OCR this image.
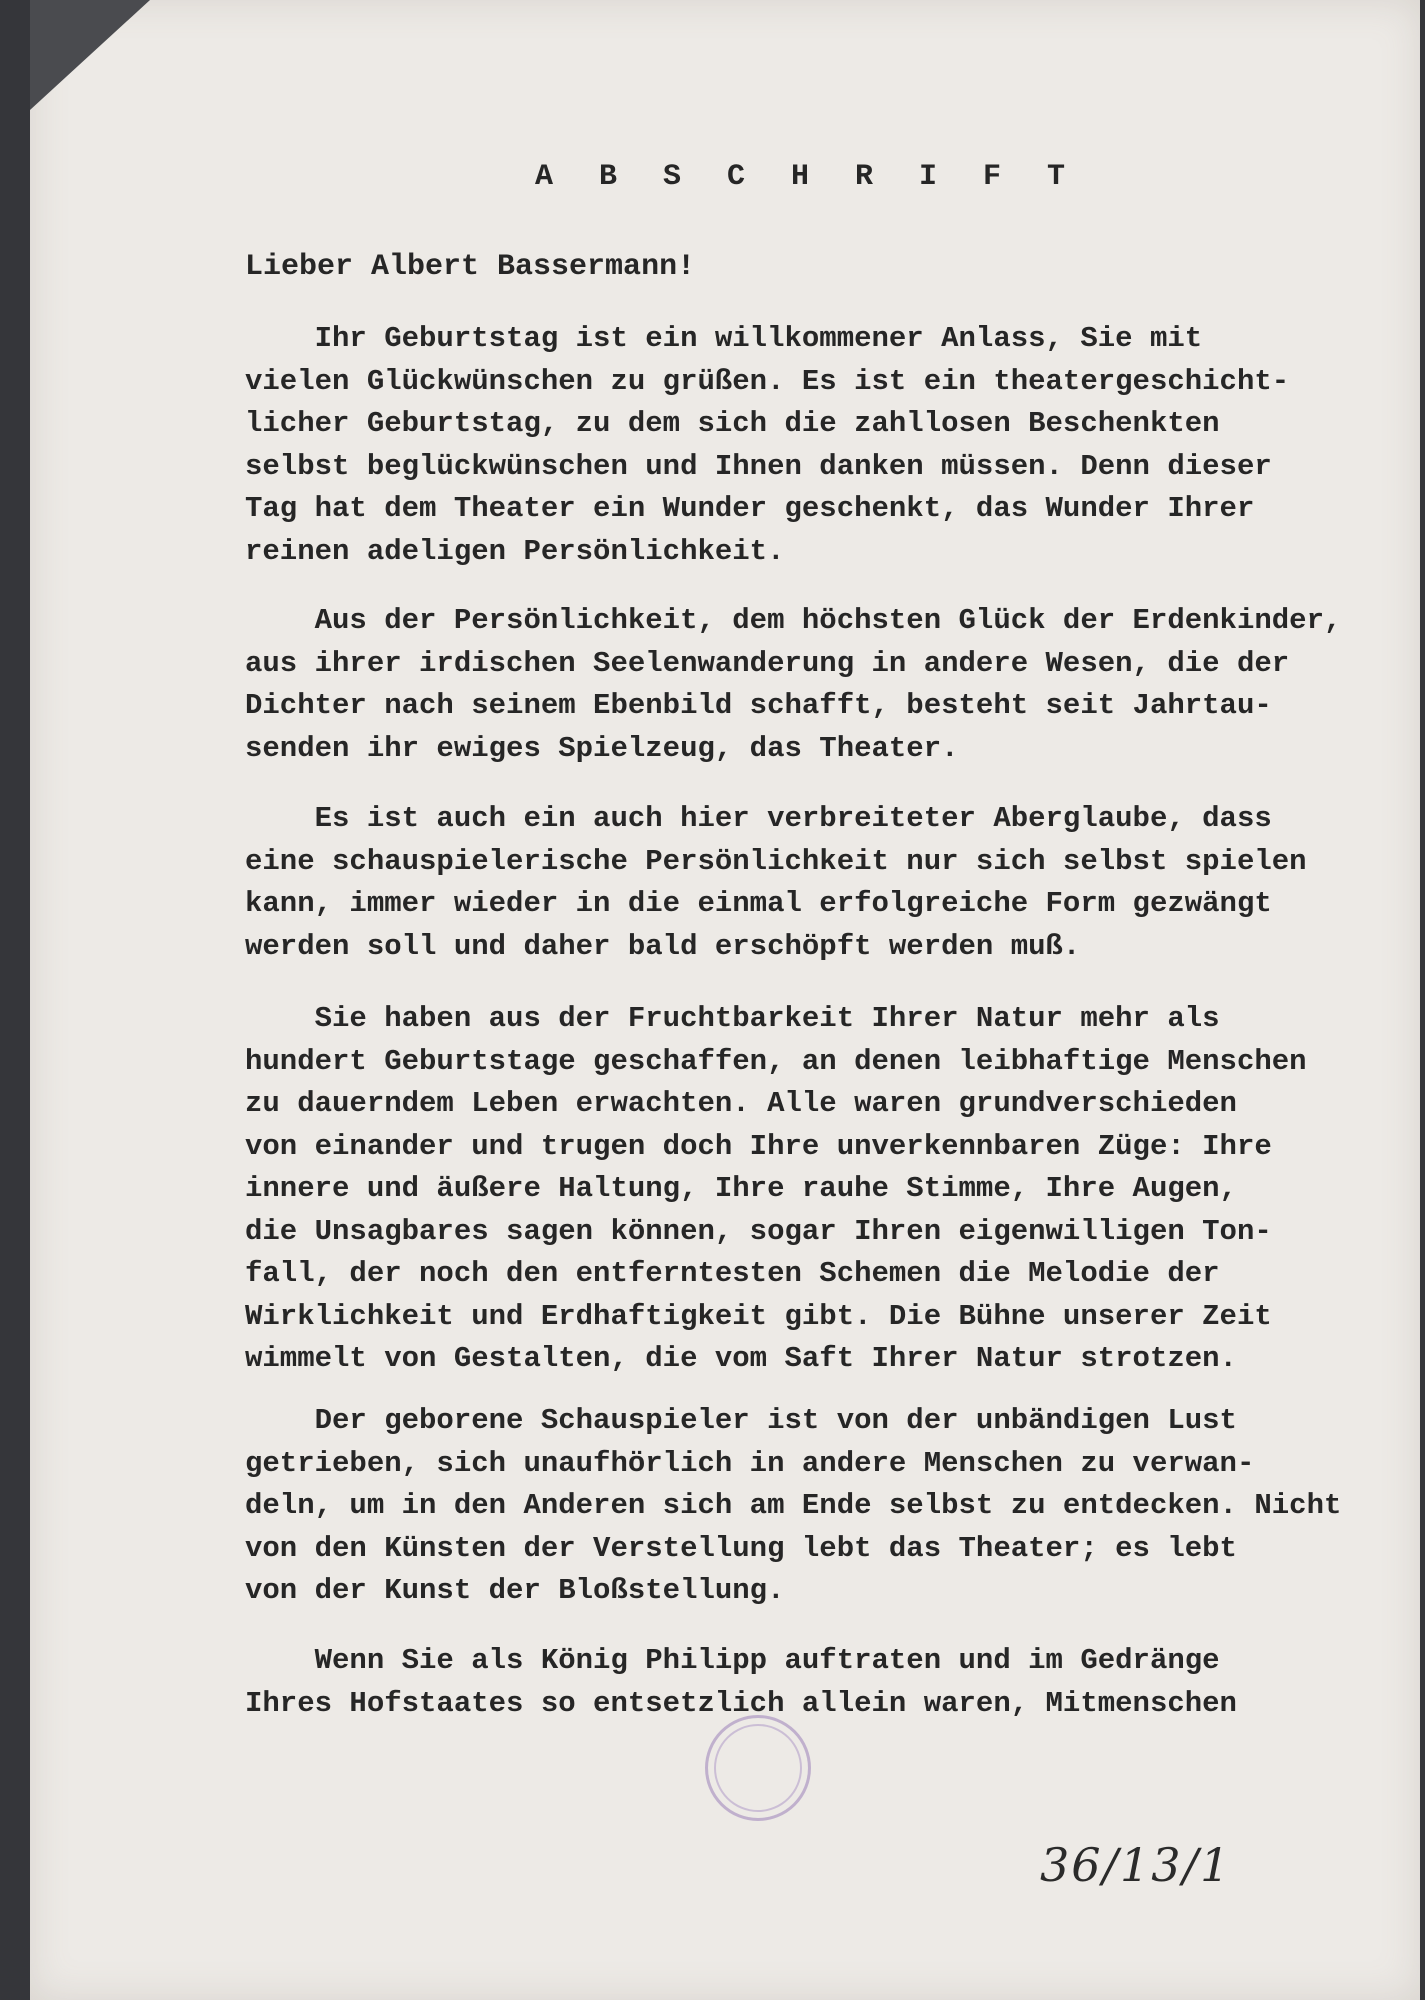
A B S C H R I F T
Lieber Albert Bassermann!
Ihr Geburtstag ist ein willkommener Anlass, Sie mit
vielen Glückwünschen zu grüßen. Es ist ein theatergeschicht-
licher Geburtstag, zu dem sich die zahllosen Beschenkten
selbst beglückwünschen und Ihnen danken müssen. Denn dieser
Tag hat dem Theater ein Wunder geschenkt, das Wunder Ihrer
reinen adeligen Persönlichkeit.
Aus der Persönlichkeit, dem höchsten Glück der Erdenkinder,
aus ihrer irdischen Seelenwanderung in andere Wesen, die der
Dichter nach seinem Ebenbild schafft, besteht seit Jahrtau-
senden ihr ewiges Spielzeug, das Theater.
Es ist auch ein auch hier verbreiteter Aberglaube, dass
eine schauspielerische Persönlichkeit nur sich selbst spielen
kann, immer wieder in die einmal erfolgreiche Form gezwängt
werden soll und daher bald erschöpft werden muß.
Sie haben aus der Fruchtbarkeit Ihrer Natur mehr als
hundert Geburtstage geschaffen, an denen leibhaftige Menschen
zu dauerndem Leben erwachten. Alle waren grundverschieden
von einander und trugen doch Ihre unverkennbaren Züge: Ihre
innere und äußere Haltung, Ihre rauhe Stimme, Ihre Augen,
die Unsagbares sagen können, sogar Ihren eigenwilligen Ton-
fall, der noch den entferntesten Schemen die Melodie der
Wirklichkeit und Erdhaftigkeit gibt. Die Bühne unserer Zeit
wimmelt von Gestalten, die vom Saft Ihrer Natur strotzen.
Der geborene Schauspieler ist von der unbändigen Lust
getrieben, sich unaufhörlich in andere Menschen zu verwan-
deln, um in den Anderen sich am Ende selbst zu entdecken. Nicht
von den Künsten der Verstellung lebt das Theater; es lebt
von der Kunst der Bloßstellung.
Wenn Sie als König Philipp auftraten und im Gedränge
Ihres Hofstaates so entsetzlich allein waren, Mitmenschen
36/13/1
